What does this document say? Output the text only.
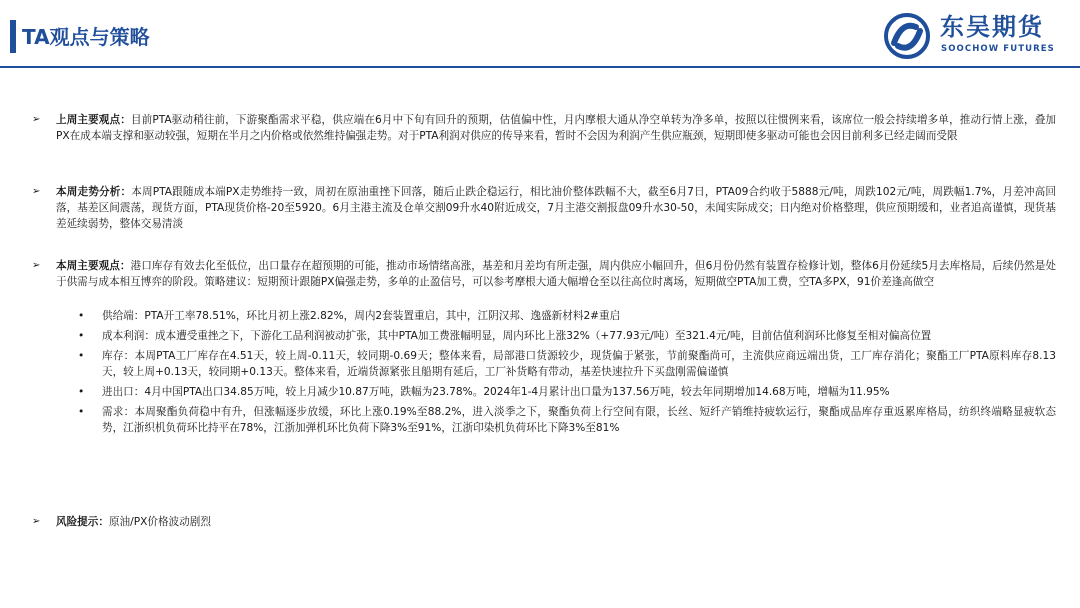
TA观点与策略	东吴期货
SOOCHOW FUTURES
➢	上周主要观点：目前PTA驱动稍往前，下游聚酯需求平稳，供应端在6月中下旬有回升的预期，估值偏中性，月内摩根大通从净空单转为净多单，按照以往惯例来看，该席位一般会持续增多单，推动行情上涨，叠加PX在成本端支撑和驱动较强，短期在半月之内价格或依然维持偏强走势。对于PTA利润对供应的传导来看，暂时不会因为利润产生供应瓶颈，短期即使多驱动可能也会因目前利多已经走阔而受限
➢	本周走势分析：本周PTA跟随成本端PX走势维持一致，周初在原油重挫下回落，随后止跌企稳运行，相比油价整体跌幅不大，截至6月7日，PTA09合约收于5888元/吨，周跌102元/吨，周跌幅1.7%，月差冲高回落，基差区间震荡，现货方面，PTA现货价格-20至5920。6月主港主流及仓单交割09升水40附近成交，7月主港交割报盘09升水30-50，未闻实际成交；日内绝对价格整理，供应预期缓和，业者追高谨慎，现货基差延续弱势，整体交易清淡
➢	本周主要观点：港口库存有效去化至低位，出口量存在超预期的可能，推动市场情绪高涨，基差和月差均有所走强，周内供应小幅回升，但6月份仍然有装置存检修计划，整体6月份延续5月去库格局，后续仍然是处于供需与成本相互博弈的阶段。策略建议：短期预计跟随PX偏强走势，多单的止盈信号，可以参考摩根大通大幅增仓至以往高位时离场，短期做空PTA加工费，空TA多PX，91价差逢高做空
•	供给端：PTA开工率78.51%，环比月初上涨2.82%，周内2套装置重启，其中，江阴汉邦、逸盛新材料2#重启
•	成本利润：成本遭受重挫之下，下游化工品利润被动扩张，其中PTA加工费涨幅明显，周内环比上涨32%（+77.93元/吨）至321.4元/吨，目前估值利润环比修复至相对偏高位置
•	库存：本周PTA工厂库存在4.51天，较上周-0.11天，较同期-0.69天；整体来看，局部港口货源较少，现货偏于紧张，节前聚酯尚可，主流供应商远端出货，工厂库存消化；聚酯工厂PTA原料库存8.13天，较上周+0.13天，较同期+0.13天。整体来看，近端货源紧张且船期有延后，工厂补货略有带动，基差快速拉升下买盘刚需偏谨慎
•	进出口：4月中国PTA出口34.85万吨，较上月减少10.87万吨，跌幅为23.78%。2024年1-4月累计出口量为137.56万吨，较去年同期增加14.68万吨，增幅为11.95%
•	需求：本周聚酯负荷稳中有升，但涨幅逐步放缓，环比上涨0.19%至88.2%，进入淡季之下，聚酯负荷上行空间有限，长丝、短纤产销维持疲软运行，聚酯成品库存重返累库格局，纺织终端略显疲软态势，江浙织机负荷环比持平在78%，江浙加弹机环比负荷下降3%至91%，江浙印染机负荷环比下降3%至81%
➢	风险提示：原油/PX价格波动剧烈
